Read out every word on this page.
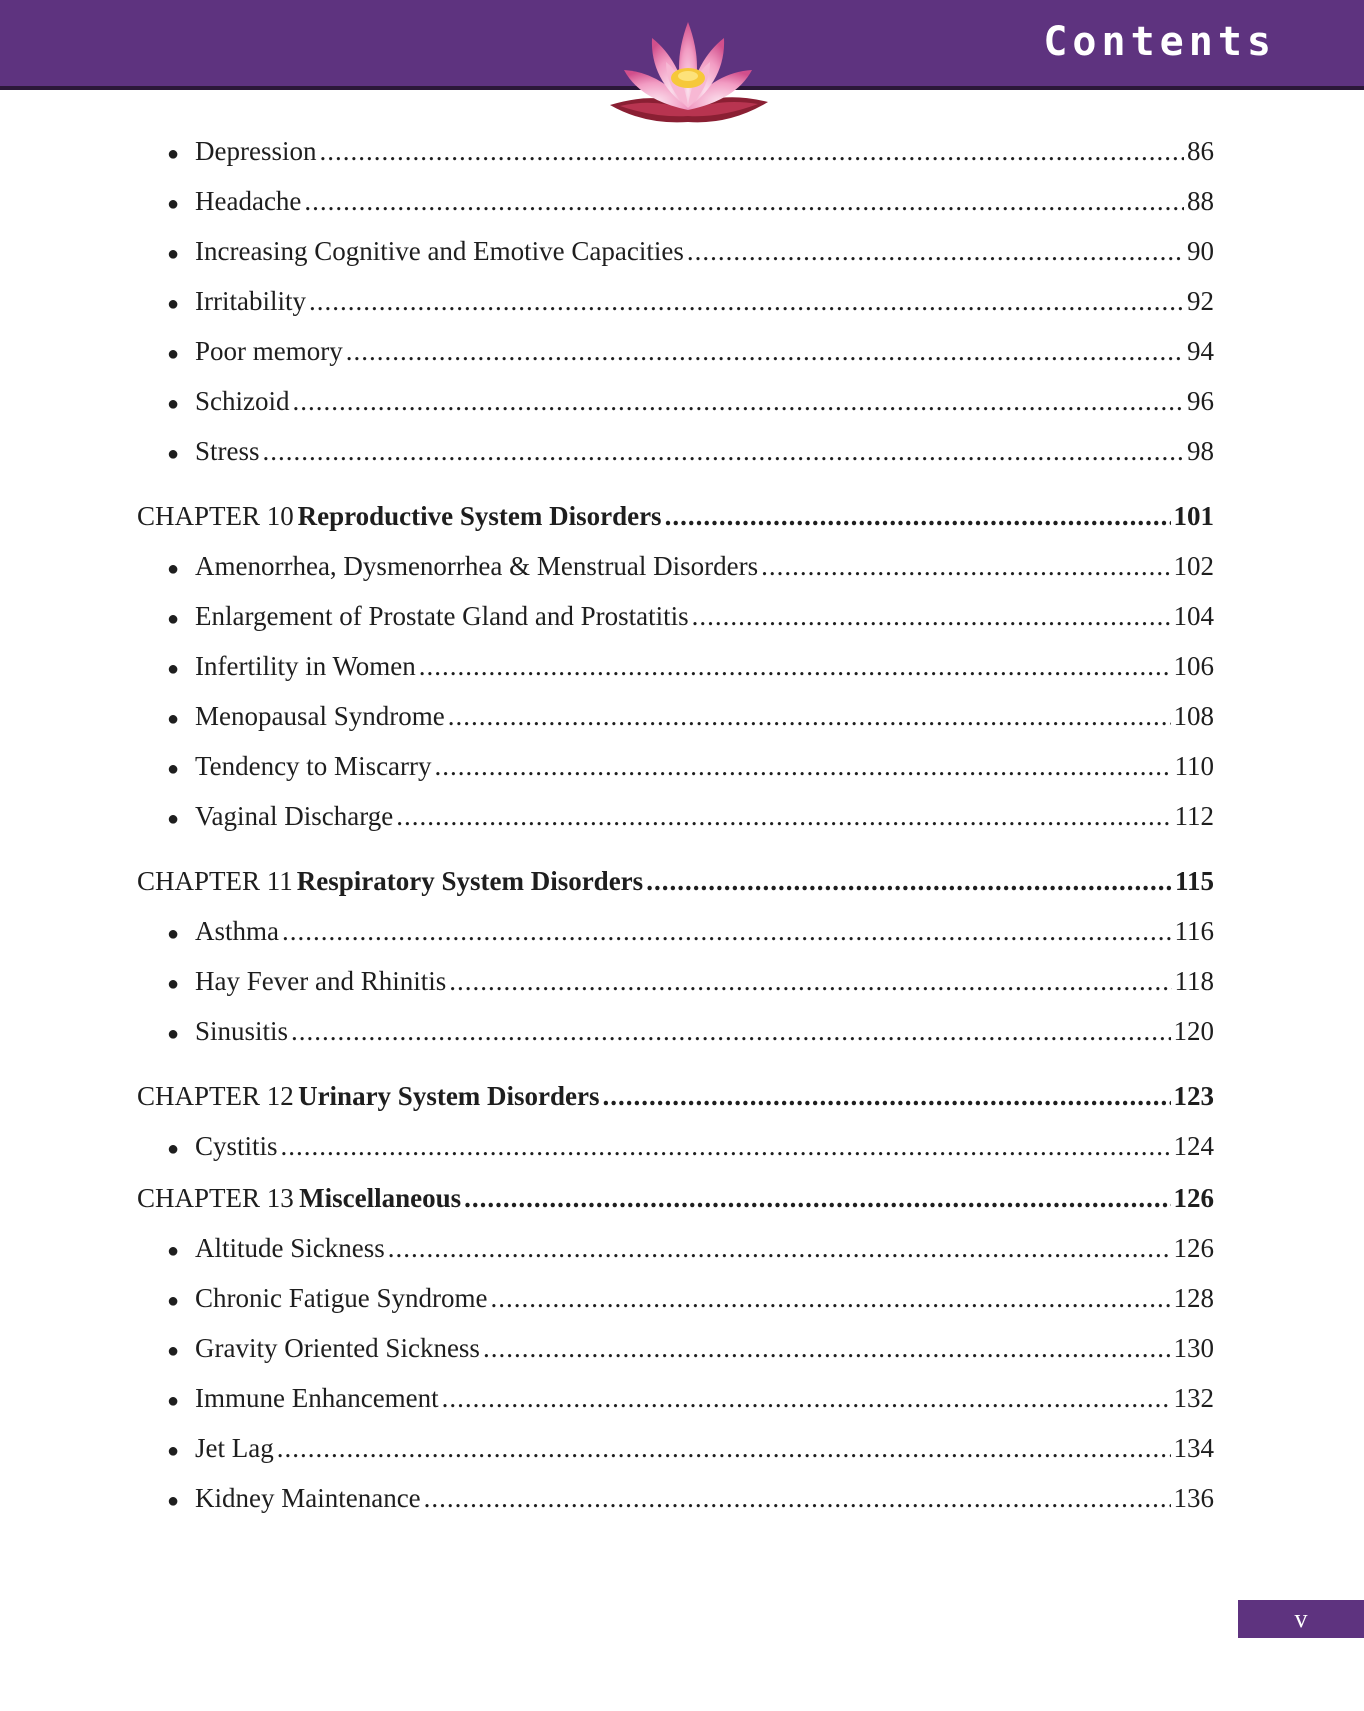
Contents
● Depression .....	86
● Headache .....	88
● Increasing Cognitive and Emotive Capacities .....	90
● Irritability .....	92
● Poor memory .....	94
● Schizoid .....	96
● Stress .....	98
CHAPTER 10 Reproductive System Disorders .....	101
● Amenorrhea, Dysmenorrhea & Menstrual Disorders .....	102
● Enlargement of Prostate Gland and Prostatitis .....	104
● Infertility in Women .....	106
● Menopausal Syndrome .....	108
● Tendency to Miscarry .....	110
● Vaginal Discharge .....	112
CHAPTER 11 Respiratory System Disorders .....	115
● Asthma .....	116
● Hay Fever and Rhinitis .....	118
● Sinusitis .....	120
CHAPTER 12 Urinary System Disorders .....	123
● Cystitis .....	124
CHAPTER 13 Miscellaneous .....	126
● Altitude Sickness .....	126
● Chronic Fatigue Syndrome .....	128
● Gravity Oriented Sickness .....	130
● Immune Enhancement .....	132
● Jet Lag .....	134
● Kidney Maintenance .....	136
v
